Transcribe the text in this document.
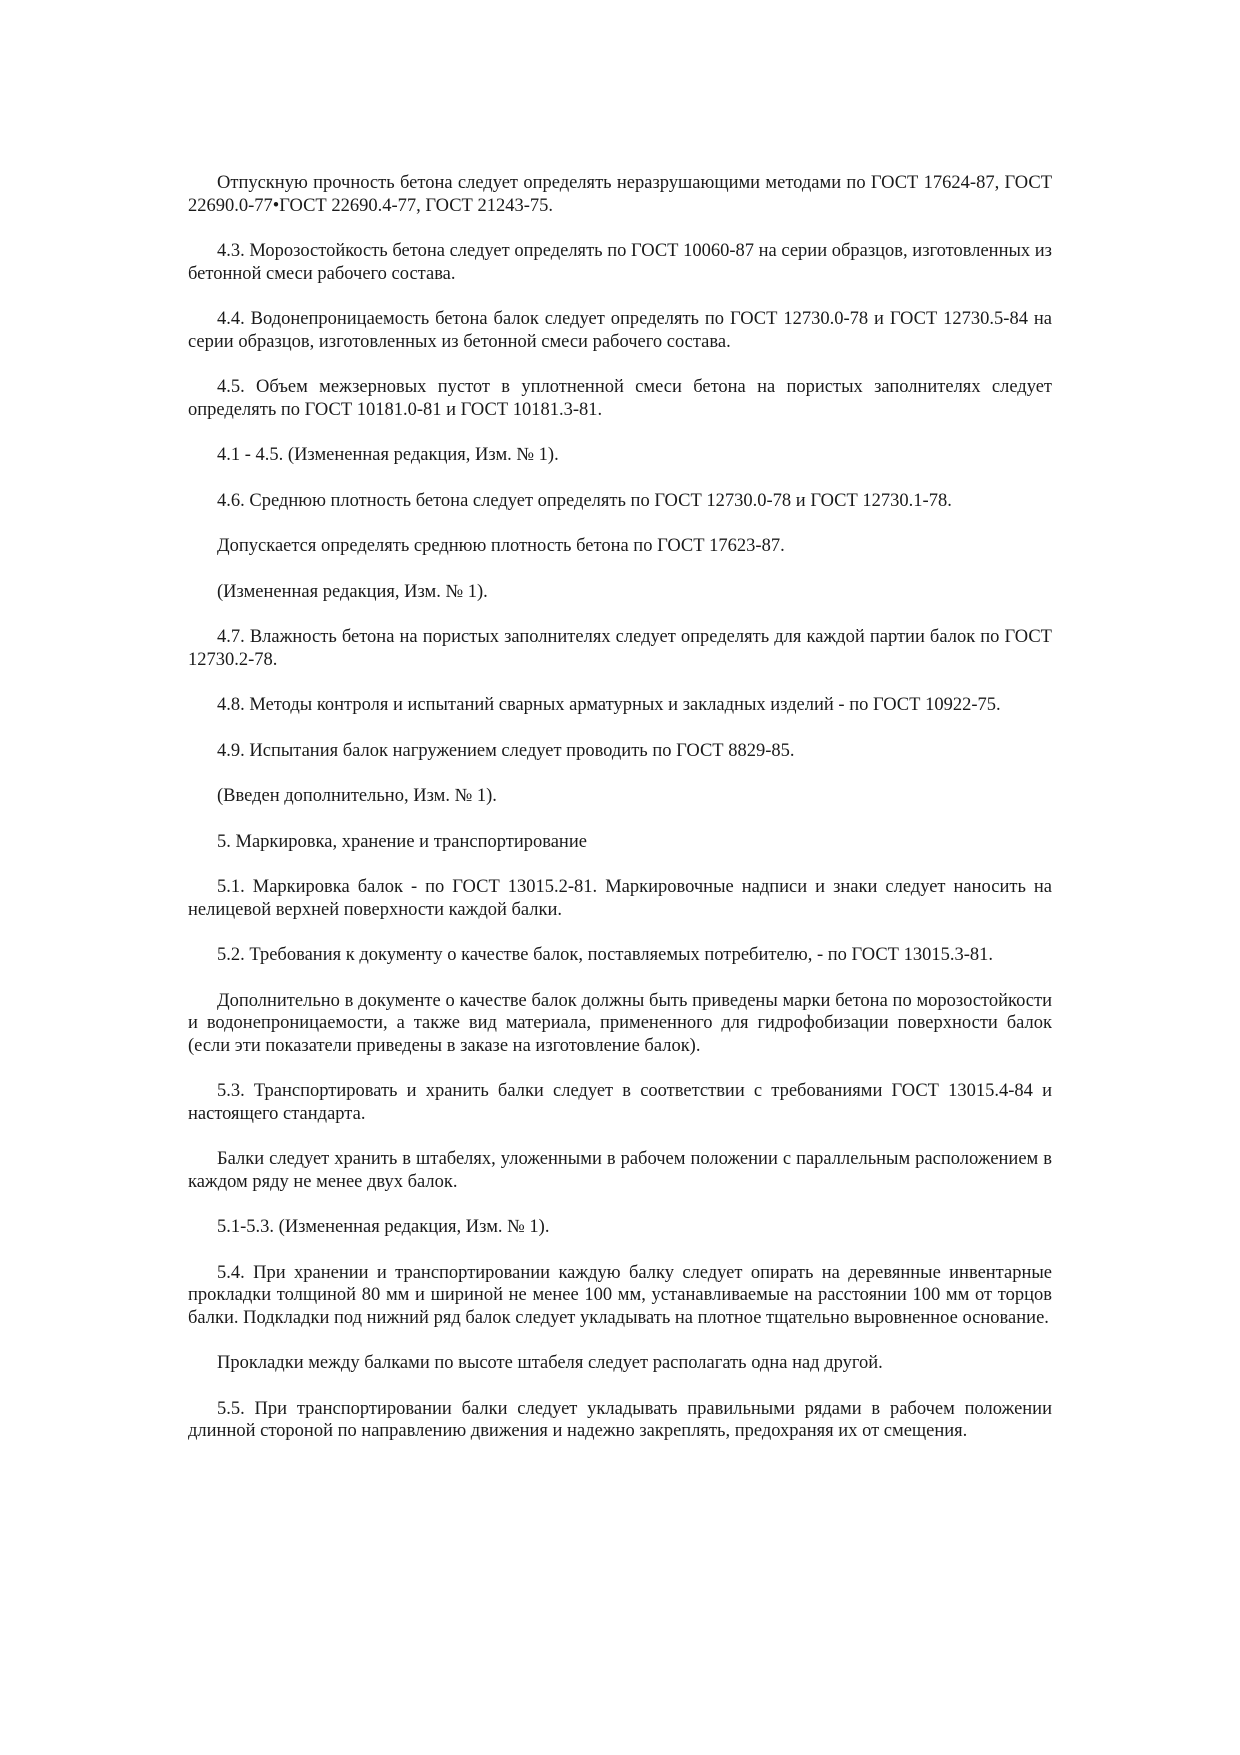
Отпускную прочность бетона следует определять неразрушающими методами по ГОСТ 17624-87, ГОСТ 22690.0-77•ГОСТ 22690.4-77, ГОСТ 21243-75.

4.3. Морозостойкость бетона следует определять по ГОСТ 10060-87 на серии образцов, изготовленных из бетонной смеси рабочего состава.

4.4. Водонепроницаемость бетона балок следует определять по ГОСТ 12730.0-78 и ГОСТ 12730.5-84 на серии образцов, изготовленных из бетонной смеси рабочего состава.

4.5. Объем межзерновых пустот в уплотненной смеси бетона на пористых заполнителях следует определять по ГОСТ 10181.0-81 и ГОСТ 10181.3-81.

4.1 - 4.5. (Измененная редакция, Изм. № 1).

4.6. Среднюю плотность бетона следует определять по ГОСТ 12730.0-78 и ГОСТ 12730.1-78.

Допускается определять среднюю плотность бетона по ГОСТ 17623-87.

(Измененная редакция, Изм. № 1).

4.7. Влажность бетона на пористых заполнителях следует определять для каждой партии балок по ГОСТ 12730.2-78.

4.8. Методы контроля и испытаний сварных арматурных и закладных изделий - по ГОСТ 10922-75.

4.9. Испытания балок нагружением следует проводить по ГОСТ 8829-85.

(Введен дополнительно, Изм. № 1).

5. Маркировка, хранение и транспортирование

5.1. Маркировка балок - по ГОСТ 13015.2-81. Маркировочные надписи и знаки следует наносить на нелицевой верхней поверхности каждой балки.

5.2. Требования к документу о качестве балок, поставляемых потребителю, - по ГОСТ 13015.3-81.

Дополнительно в документе о качестве балок должны быть приведены марки бетона по морозостойкости и водонепроницаемости, а также вид материала, примененного для гидрофобизации поверхности балок (если эти показатели приведены в заказе на изготовление балок).

5.3. Транспортировать и хранить балки следует в соответствии с требованиями ГОСТ 13015.4-84 и настоящего стандарта.

Балки следует хранить в штабелях, уложенными в рабочем положении с параллельным расположением в каждом ряду не менее двух балок.

5.1-5.3. (Измененная редакция, Изм. № 1).

5.4. При хранении и транспортировании каждую балку следует опирать на деревянные инвентарные прокладки толщиной 80 мм и шириной не менее 100 мм, устанавливаемые на расстоянии 100 мм от торцов балки. Подкладки под нижний ряд балок следует укладывать на плотное тщательно выровненное основание.

Прокладки между балками по высоте штабеля следует располагать одна над другой.

5.5. При транспортировании балки следует укладывать правильными рядами в рабочем положении длинной стороной по направлению движения и надежно закреплять, предохраняя их от смещения.
